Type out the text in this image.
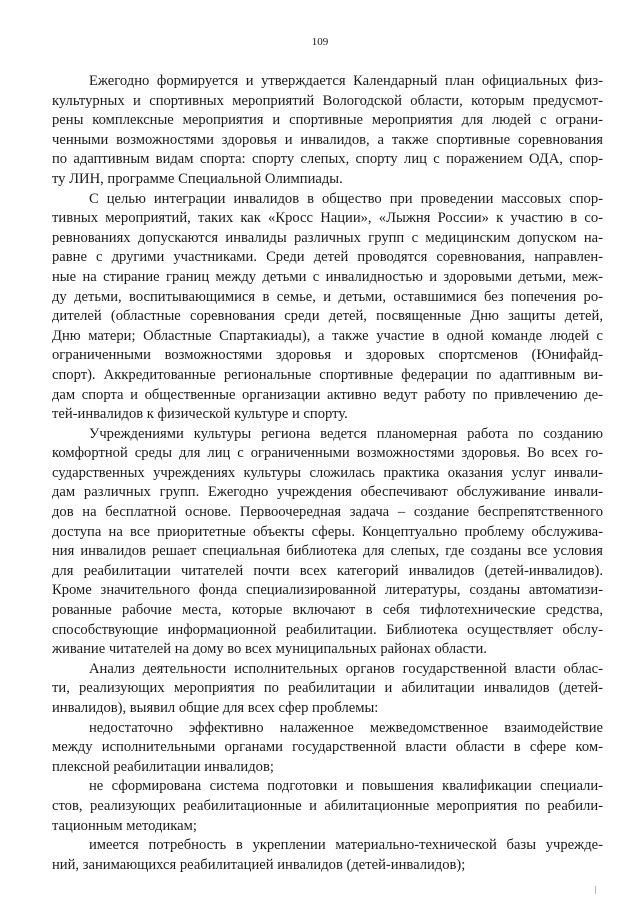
109
Ежегодно формируется и утверждается Календарный план официальных физ-
культурных и спортивных мероприятий Вологодской области, которым предусмот-
рены комплексные мероприятия и спортивные мероприятия для людей с ограни-
ченными возможностями здоровья и инвалидов, а также спортивные соревнования
по адаптивным видам спорта: спорту слепых, спорту лиц с поражением ОДА, спор-
ту ЛИН, программе Специальной Олимпиады.
С целью интеграции инвалидов в общество при проведении массовых спор-
тивных мероприятий, таких как «Кросс Нации», «Лыжня России» к участию в со-
ревнованиях допускаются инвалиды различных групп с медицинским допуском на-
равне с другими участниками. Среди детей проводятся соревнования, направлен-
ные на стирание границ между детьми с инвалидностью и здоровыми детьми, меж-
ду детьми, воспитывающимися в семье, и детьми, оставшимися без попечения ро-
дителей (областные соревнования среди детей, посвященные Дню защиты детей,
Дню матери; Областные Спартакиады), а также участие в одной команде людей с
ограниченными возможностями здоровья и здоровых спортсменов (Юнифайд-
спорт). Аккредитованные региональные спортивные федерации по адаптивным ви-
дам спорта и общественные организации активно ведут работу по привлечению де-
тей-инвалидов к физической культуре и спорту.
Учреждениями культуры региона ведется планомерная работа по созданию
комфортной среды для лиц с ограниченными возможностями здоровья. Во всех го-
сударственных учреждениях культуры сложилась практика оказания услуг инвали-
дам различных групп. Ежегодно учреждения обеспечивают обслуживание инвали-
дов на бесплатной основе. Первоочередная задача – создание беспрепятственного
доступа на все приоритетные объекты сферы. Концептуально проблему обслужива-
ния инвалидов решает специальная библиотека для слепых, где созданы все условия
для реабилитации читателей почти всех категорий инвалидов (детей-инвалидов).
Кроме значительного фонда специализированной литературы, созданы автоматизи-
рованные рабочие места, которые включают в себя тифлотехнические средства,
способствующие информационной реабилитации. Библиотека осуществляет обслу-
живание читателей на дому во всех муниципальных районах области.
Анализ деятельности исполнительных органов государственной власти облас-
ти, реализующих мероприятия по реабилитации и абилитации инвалидов (детей-
инвалидов), выявил общие для всех сфер проблемы:
недостаточно эффективно налаженное межведомственное взаимодействие
между исполнительными органами государственной власти области в сфере ком-
плексной реабилитации инвалидов;
не сформирована система подготовки и повышения квалификации специали-
стов, реализующих реабилитационные и абилитационные мероприятия по реабили-
тационным методикам;
имеется потребность в укреплении материально-технической базы учрежде-
ний, занимающихся реабилитацией инвалидов (детей-инвалидов);
